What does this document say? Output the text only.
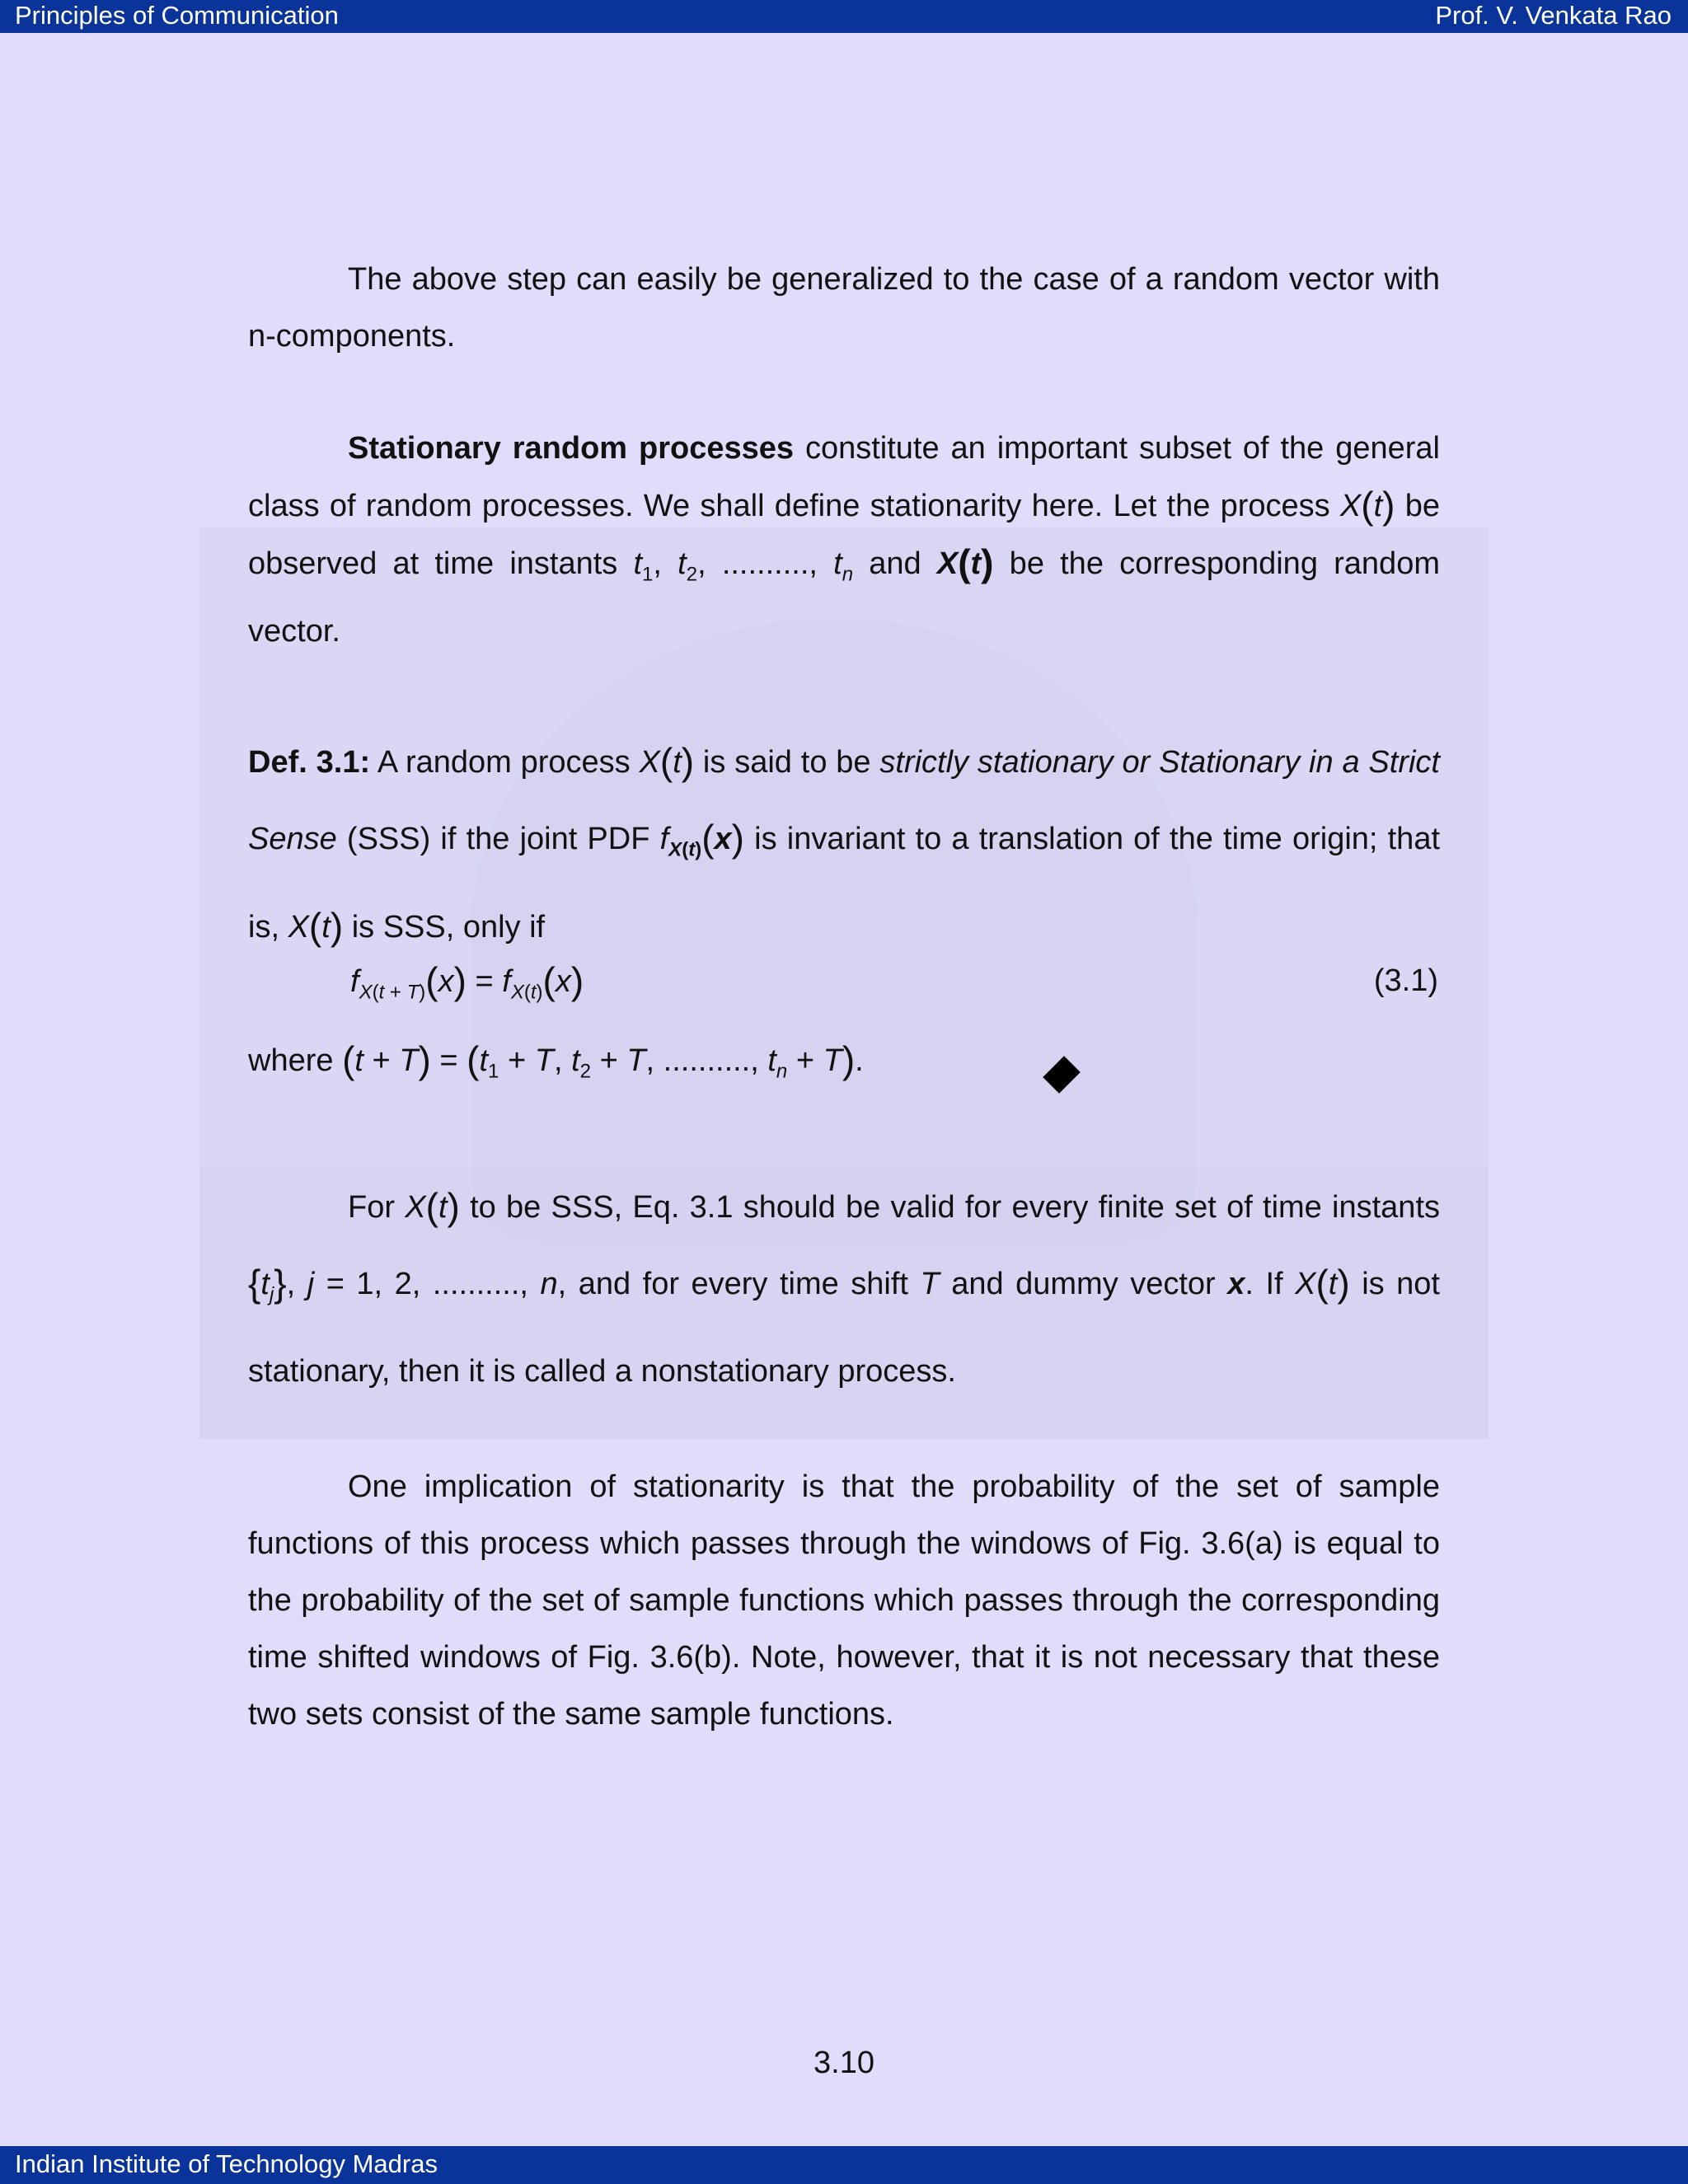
Principles of Communication	Prof. V. Venkata Rao
The above step can easily be generalized to the case of a random vector with n-components.
Stationary random processes constitute an important subset of the general class of random processes. We shall define stationarity here. Let the process X(t) be observed at time instants $t_1$, $t_2$, .........., $t_n$ and X(t) be the corresponding random vector.
Def. 3.1: A random process X(t) is said to be strictly stationary or Stationary in a Strict Sense (SSS) if the joint PDF $f_{X(t)}(x)$ is invariant to a translation of the time origin; that is, X(t) is SSS, only if
$f_{X(t + T)}(x) = f_{X(t)}(x)$	(3.1)
where $(t + T) = (t_1 + T$, $t_2 + T$, .........., $t_n + T$).
For X(t) to be SSS, Eq. 3.1 should be valid for every finite set of time instants $\{t_j\}$, j = 1, 2, .........., n, and for every time shift T and dummy vector x. If X(t) is not stationary, then it is called a nonstationary process.
One implication of stationarity is that the probability of the set of sample functions of this process which passes through the windows of Fig. 3.6(a) is equal to the probability of the set of sample functions which passes through the corresponding time shifted windows of Fig. 3.6(b). Note, however, that it is not necessary that these two sets consist of the same sample functions.
3.10
Indian Institute of Technology Madras
